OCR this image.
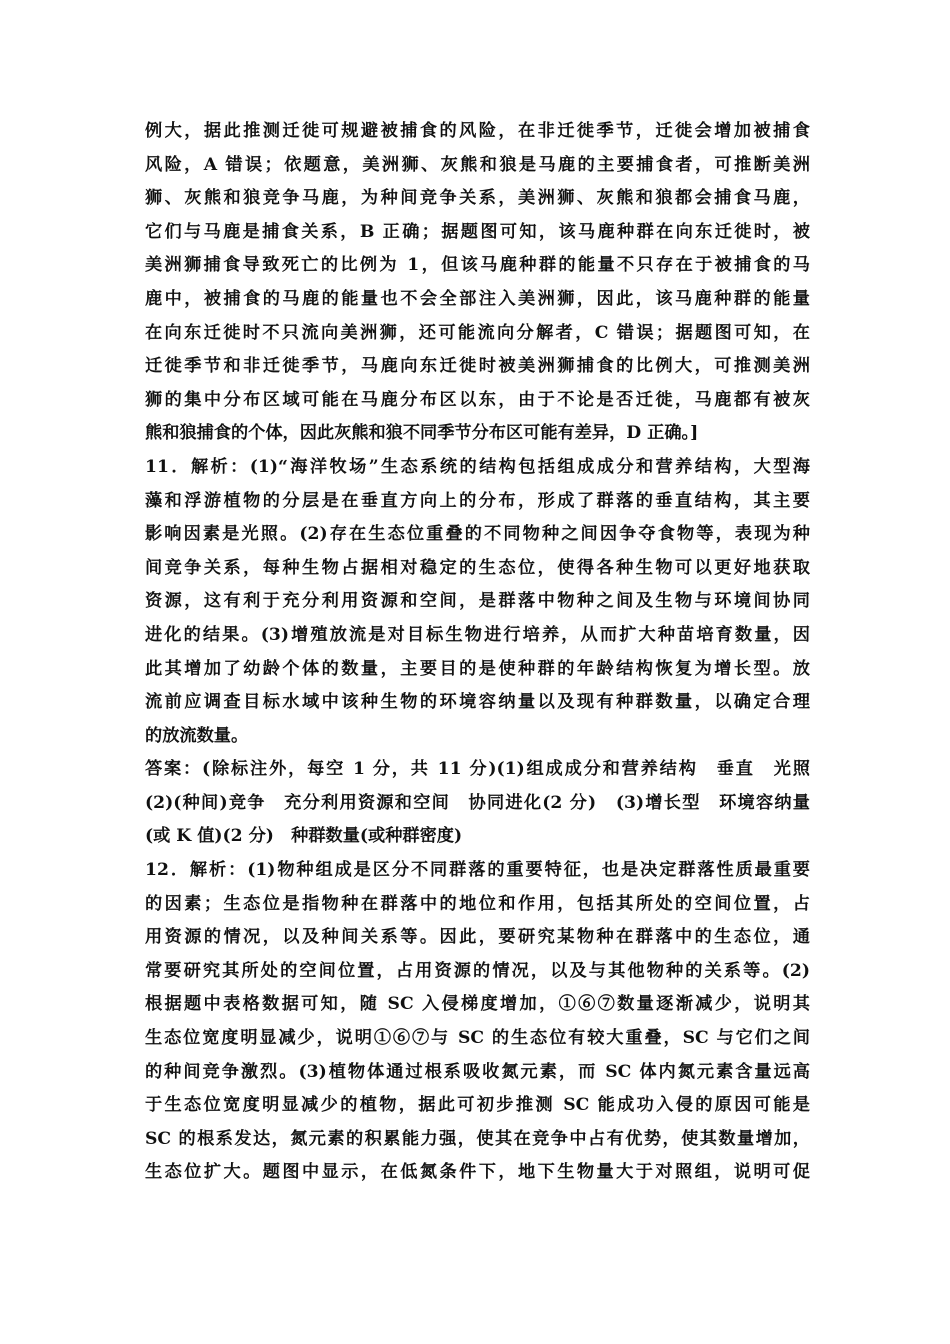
例大，据此推测迁徙可规避被捕食的风险，在非迁徙季节，迁徙会增加被捕食
风险，A 错误；依题意，美洲狮、灰熊和狼是马鹿的主要捕食者，可推断美洲
狮、灰熊和狼竞争马鹿，为种间竞争关系，美洲狮、灰熊和狼都会捕食马鹿，
它们与马鹿是捕食关系，B 正确；据题图可知，该马鹿种群在向东迁徙时，被
美洲狮捕食导致死亡的比例为 1，但该马鹿种群的能量不只存在于被捕食的马
鹿中，被捕食的马鹿的能量也不会全部注入美洲狮，因此，该马鹿种群的能量
在向东迁徙时不只流向美洲狮，还可能流向分解者，C 错误；据题图可知，在
迁徙季节和非迁徙季节，马鹿向东迁徙时被美洲狮捕食的比例大，可推测美洲
狮的集中分布区域可能在马鹿分布区以东，由于不论是否迁徙，马鹿都有被灰
熊和狼捕食的个体，因此灰熊和狼不同季节分布区可能有差异，D 正确。]
11．解析：(1)“海洋牧场”生态系统的结构包括组成成分和营养结构，大型海
藻和浮游植物的分层是在垂直方向上的分布，形成了群落的垂直结构，其主要
影响因素是光照。(2)存在生态位重叠的不同物种之间因争夺食物等，表现为种
间竞争关系，每种生物占据相对稳定的生态位，使得各种生物可以更好地获取
资源，这有利于充分利用资源和空间，是群落中物种之间及生物与环境间协同
进化的结果。(3)增殖放流是对目标生物进行培养，从而扩大种苗培育数量，因
此其增加了幼龄个体的数量，主要目的是使种群的年龄结构恢复为增长型。放
流前应调查目标水域中该种生物的环境容纳量以及现有种群数量，以确定合理
的放流数量。
答案：(除标注外，每空 1 分，共 11 分)(1)组成成分和营养结构　垂直　光照
(2)(种间)竞争　充分利用资源和空间　协同进化(2 分)　(3)增长型　环境容纳量
(或 K 值)(2 分)　种群数量(或种群密度)
12．解析：(1)物种组成是区分不同群落的重要特征，也是决定群落性质最重要
的因素；生态位是指物种在群落中的地位和作用，包括其所处的空间位置，占
用资源的情况，以及种间关系等。因此，要研究某物种在群落中的生态位，通
常要研究其所处的空间位置，占用资源的情况，以及与其他物种的关系等。(2)
根据题中表格数据可知，随 SC 入侵梯度增加，①⑥⑦数量逐渐减少，说明其
生态位宽度明显减少，说明①⑥⑦与 SC 的生态位有较大重叠，SC 与它们之间
的种间竞争激烈。(3)植物体通过根系吸收氮元素，而 SC 体内氮元素含量远高
于生态位宽度明显减少的植物，据此可初步推测 SC 能成功入侵的原因可能是
SC 的根系发达，氮元素的积累能力强，使其在竞争中占有优势，使其数量增加，
生态位扩大。题图中显示，在低氮条件下，地下生物量大于对照组，说明可促
